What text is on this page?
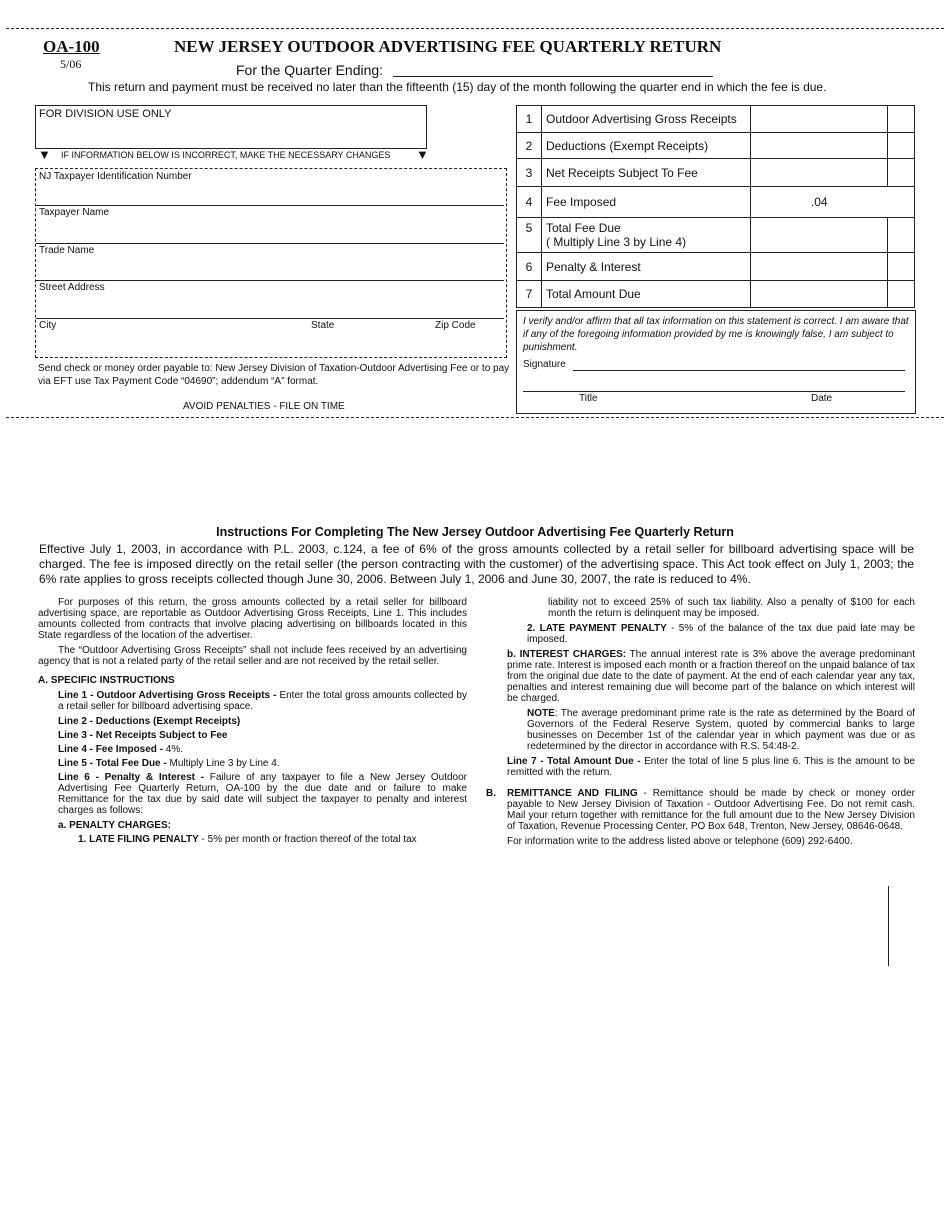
OA-100
5/06
NEW JERSEY OUTDOOR ADVERTISING FEE QUARTERLY RETURN
For the Quarter Ending:
This return and payment must be received no later than the fifteenth (15) day of the month following the quarter end in which the fee is due.
FOR DIVISION USE ONLY
▼	▼
IF INFORMATION BELOW IS INCORRECT, MAKE THE NECESSARY CHANGES
NJ Taxpayer Identification Number
Taxpayer Name
Trade Name
Street Address
City	State	Zip Code
Send check or money order payable to: New Jersey Division of Taxation-Outdoor Advertising Fee or to pay via EFT use Tax Payment Code “04690”; addendum “A” format.
AVOID PENALTIES - FILE ON TIME
1	Outdoor Advertising Gross Receipts		
2	Deductions (Exempt Receipts)		
3	Net Receipts Subject To Fee		
4	Fee Imposed	.04	
5	Total Fee Due
( Multiply Line 3 by Line 4)		

6	Penalty & Interest		
7	Total Amount Due		
I verify and/or affirm that all tax information on this statement is correct. I am aware that if any of the foregoing information provided by me is knowingly false, I am subject to punishment.
Signature
Title	Date
Instructions For Completing The New Jersey Outdoor Advertising Fee Quarterly Return
Effective July 1, 2003, in accordance with P.L. 2003, c.124, a fee of 6% of the gross amounts collected by a retail seller for billboard advertising space will be charged. The fee is imposed directly on the retail seller (the person contracting with the customer) of the advertising space. This Act took effect on July 1, 2003; the 6% rate applies to gross receipts collected though June 30, 2006. Between July 1, 2006 and June 30, 2007, the rate is reduced to 4%.

For purposes of this return, the gross amounts collected by a retail seller for billboard advertising space, are reportable as Outdoor Advertising Gross Receipts, Line 1. This includes amounts collected from contracts that involve placing advertising on billboards located in this State regardless of the location of the advertiser.

The “Outdoor Advertising Gross Receipts” shall not include fees received by an advertising agency that is not a related party of the retail seller and are not received by the retail seller.

A. SPECIFIC INSTRUCTIONS

Line 1 - Outdoor Advertising Gross Receipts - Enter the total gross amounts collected by a retail seller for billboard advertising space.

Line 2 - Deductions (Exempt Receipts)

Line 3 - Net Receipts Subject to Fee

Line 4 - Fee Imposed - 4%.

Line 5 - Total Fee Due - Multiply Line 3 by Line 4.

Line 6 - Penalty & Interest - Failure of any taxpayer to file a New Jersey Outdoor Advertising Fee Quarterly Return, OA-100 by the due date and or failure to make Remittance for the tax due by said date will subject the taxpayer to penalty and interest charges as follows:

a. PENALTY CHARGES:

1. LATE FILING PENALTY - 5% per month or fraction thereof of the total tax

liability not to exceed 25% of such tax liability. Also a penalty of $100 for each month the return is delinquent may be imposed.

2. LATE PAYMENT PENALTY - 5% of the balance of the tax due paid late may be imposed.

b. INTEREST CHARGES: The annual interest rate is 3% above the average predominant prime rate. Interest is imposed each month or a fraction thereof on the unpaid balance of tax from the original due date to the date of payment. At the end of each calendar year any tax, penalties and interest remaining due will become part of the balance on which interest will be charged.

NOTE: The average predominant prime rate is the rate as determined by the Board of Governors of the Federal Reserve System, quoted by commercial banks to large businesses on December 1st of the calendar year in which payment was due or as redetermined by the director in accordance with R.S. 54:48-2.

Line 7 - Total Amount Due - Enter the total of line 5 plus line 6. This is the amount to be remitted with the return.

B. REMITTANCE AND FILING - Remittance should be made by check or money order payable to New Jersey Division of Taxation - Outdoor Advertising Fee. Do not remit cash. Mail your return together with remittance for the full amount due to the New Jersey Division of Taxation, Revenue Processing Center, PO Box 648, Trenton, New Jersey, 08646-0648.

For information write to the address listed above or telephone (609) 292-6400.
